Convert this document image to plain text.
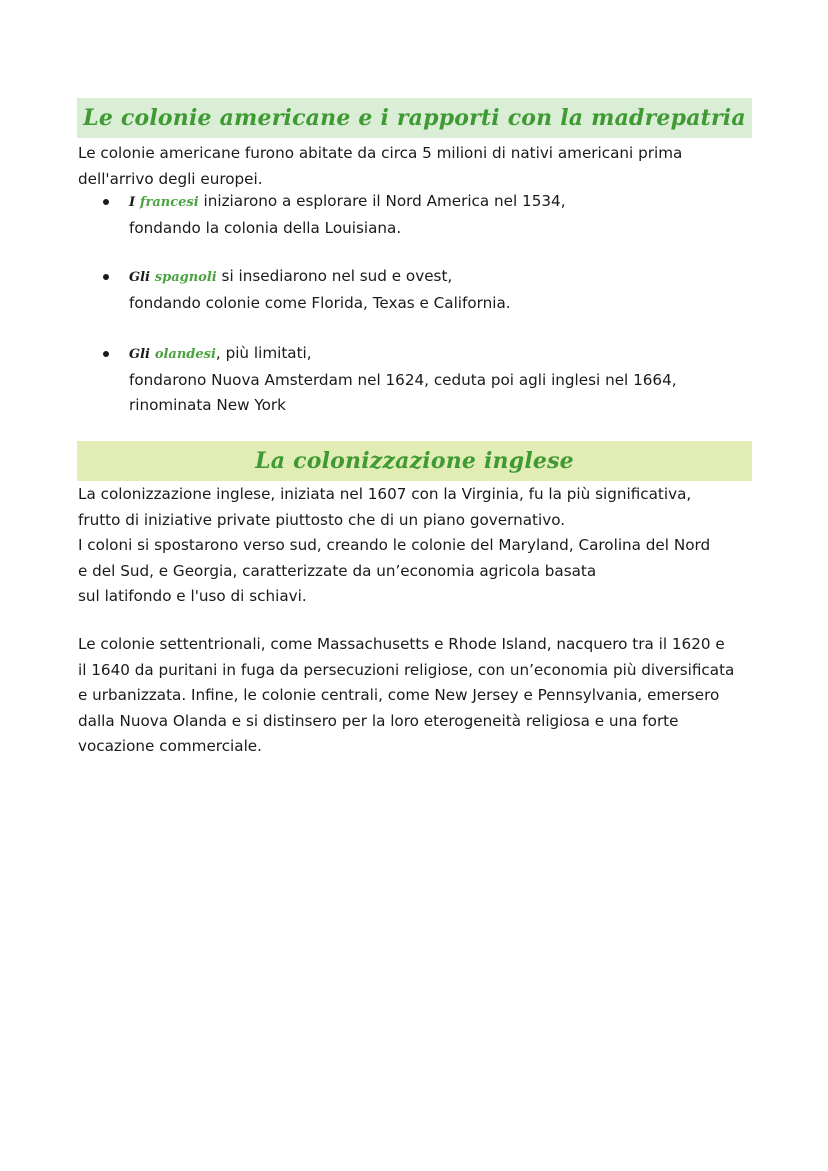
Le colonie americane e i rapporti con la madrepatria
Le colonie americane furono abitate da circa 5 milioni di nativi americani prima
dell'arrivo degli europei.
I francesi iniziarono a esplorare il Nord America nel 1534,
fondando la colonia della Louisiana.
Gli spagnoli si insediarono nel sud e ovest,
fondando colonie come Florida, Texas e California.
Gli olandesi, più limitati,
fondarono Nuova Amsterdam nel 1624, ceduta poi agli inglesi nel 1664,
rinominata New York
La colonizzazione inglese
La colonizzazione inglese, iniziata nel 1607 con la Virginia, fu la più significativa,
frutto di iniziative private piuttosto che di un piano governativo.
I coloni si spostarono verso sud, creando le colonie del Maryland, Carolina del Nord
e del Sud, e Georgia, caratterizzate da un’economia agricola basata
sul latifondo e l'uso di schiavi.
Le colonie settentrionali, come Massachusetts e Rhode Island, nacquero tra il 1620 e
il 1640 da puritani in fuga da persecuzioni religiose, con un’economia più diversificata
e urbanizzata. Infine, le colonie centrali, come New Jersey e Pennsylvania, emersero
dalla Nuova Olanda e si distinsero per la loro eterogeneità religiosa e una forte
vocazione commerciale.
